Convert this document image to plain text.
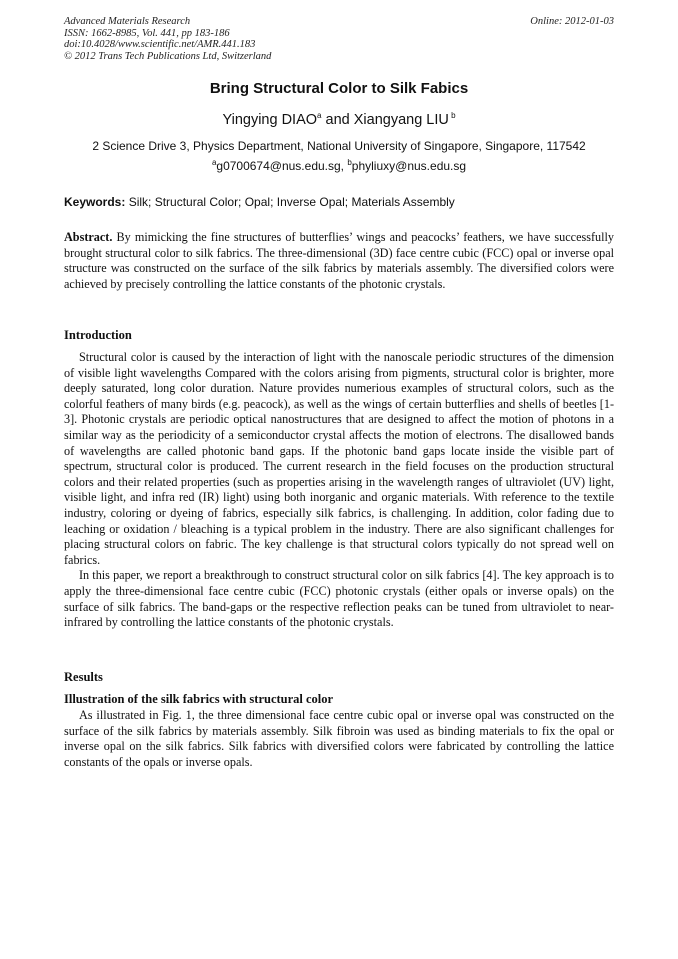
Advanced Materials Research
ISSN: 1662-8985, Vol. 441, pp 183-186
doi:10.4028/www.scientific.net/AMR.441.183
© 2012 Trans Tech Publications Ltd, Switzerland
Online: 2012-01-03
Bring Structural Color to Silk Fabics
Yingying DIAO$^a$ and Xiangyang LIU $^b$
2 Science Drive 3, Physics Department, National University of Singapore, Singapore, 117542
$^a$g0700674@nus.edu.sg, $^b$phyliuxy@nus.edu.sg
Keywords: Silk; Structural Color; Opal; Inverse Opal; Materials Assembly

Abstract. By mimicking the fine structures of butterflies’ wings and peacocks’ feathers, we have successfully brought structural color to silk fabrics. The three-dimensional (3D) face centre cubic (FCC) opal or inverse opal structure was constructed on the surface of the silk fabrics by materials assembly. The diversified colors were achieved by precisely controlling the lattice constants of the photonic crystals.

Introduction

Structural color is caused by the interaction of light with the nanoscale periodic structures of the dimension of visible light wavelengths Compared with the colors arising from pigments, structural color is brighter, more deeply saturated, long color duration. Nature provides numerious examples of structural colors, such as the colorful feathers of many birds (e.g. peacock), as well as the wings of certain butterflies and shells of beetles [1-3]. Photonic crystals are periodic optical nanostructures that are designed to affect the motion of photons in a similar way as the periodicity of a semiconductor crystal affects the motion of electrons. The disallowed bands of wavelengths are called photonic band gaps. If the photonic band gaps locate inside the visible part of spectrum, structural color is produced. The current research in the field focuses on the production structural colors and their related properties (such as properties arising in the wavelength ranges of ultraviolet (UV) light, visible light, and infra red (IR) light) using both inorganic and organic materials. With reference to the textile industry, coloring or dyeing of fabrics, especially silk fabrics, is challenging. In addition, color fading due to leaching or oxidation / bleaching is a typical problem in the industry. There are also significant challenges for placing structural colors on fabric. The key challenge is that structural colors typically do not spread well on fabrics.

In this paper, we report a breakthrough to construct structural color on silk fabrics [4]. The key approach is to apply the three-dimensional face centre cubic (FCC) photonic crystals (either opals or inverse opals) on the surface of silk fabrics. The band-gaps or the respective reflection peaks can be tuned from ultraviolet to near-infrared by controlling the lattice constants of the photonic crystals.

Results
Illustration of the silk fabrics with structural color

As illustrated in Fig. 1, the three dimensional face centre cubic opal or inverse opal was constructed on the surface of the silk fabrics by materials assembly. Silk fibroin was used as binding materials to fix the opal or inverse opal on the silk fabrics. Silk fabrics with diversified colors were fabricated by controlling the lattice constants of the opals or inverse opals.
